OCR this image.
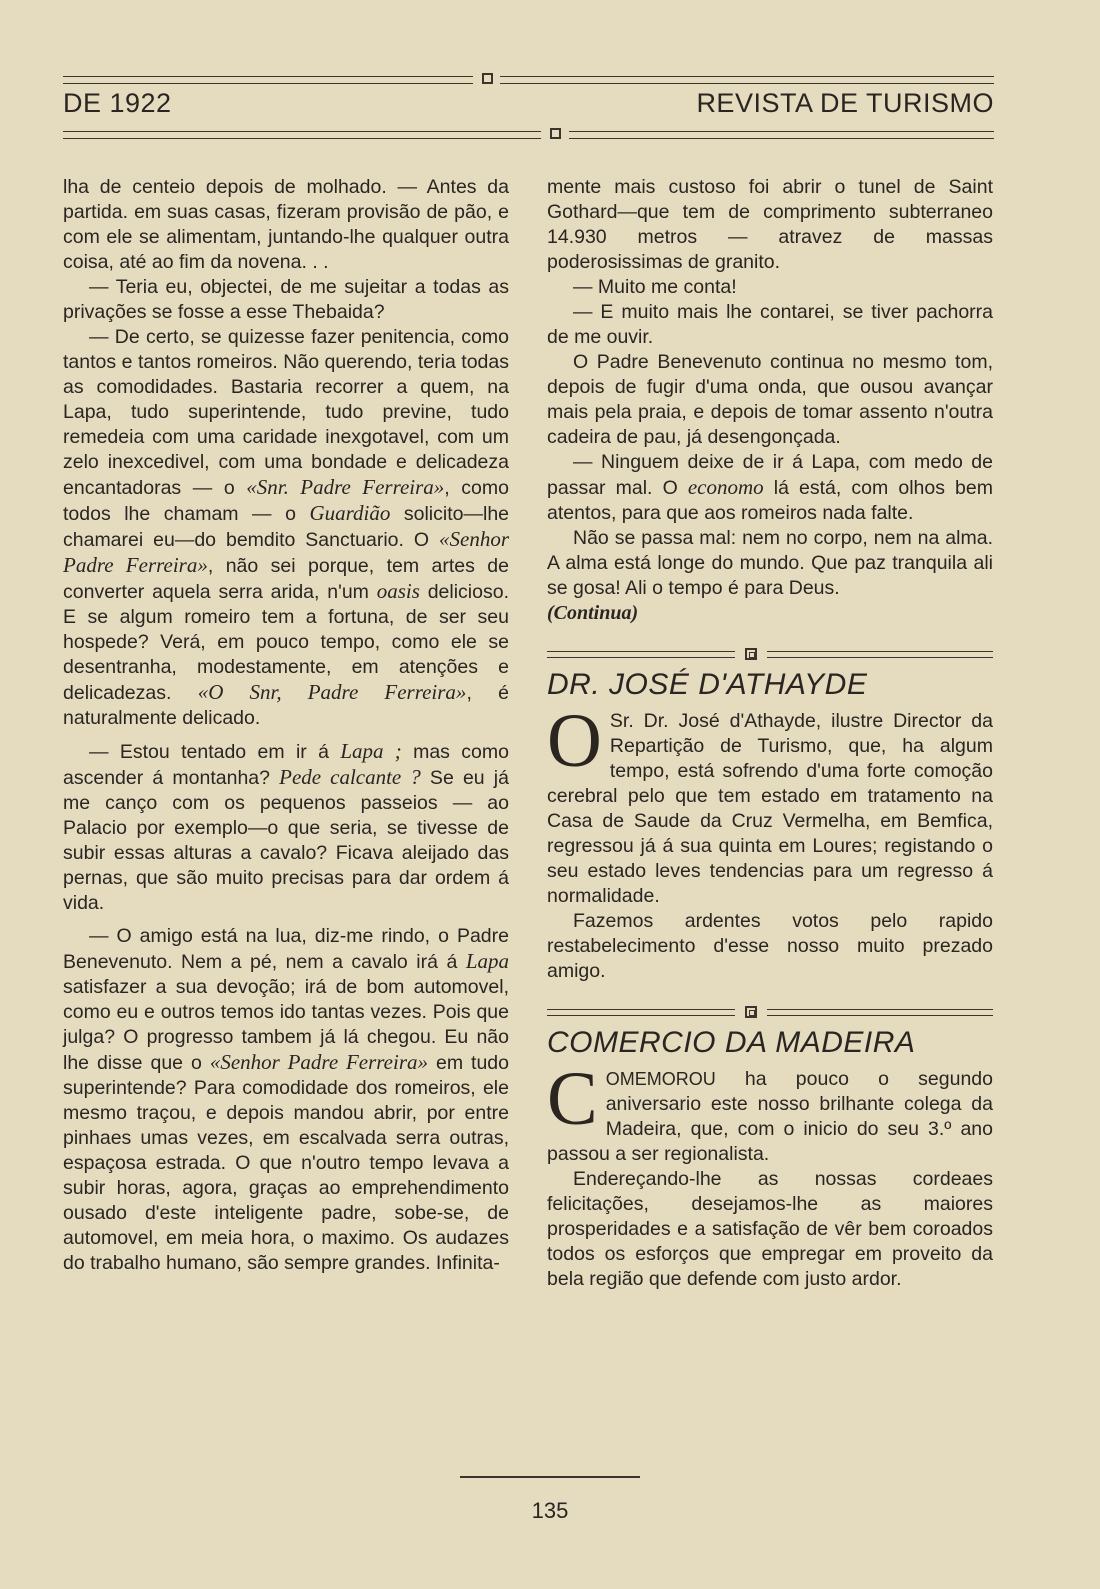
DE 1922	REVISTA DE TURISMO

lha de centeio depois de molhado. — Antes da partida. em suas casas, fizeram provisão de pão, e com ele se alimentam, juntando-lhe qualquer outra coisa, até ao fim da novena. . .

— Teria eu, objectei, de me sujeitar a todas as privações se fosse a esse Thebaida?

— De certo, se quizesse fazer penitencia, como tantos e tantos romeiros. Não querendo, teria todas as comodidades. Bastaria recorrer a quem, na Lapa, tudo superintende, tudo previne, tudo remedeia com uma caridade inexgotavel, com um zelo inexcedivel, com uma bondade e delicadeza encantadoras — o «Snr. Padre Ferreira», como todos lhe chamam — o Guardião solicito—lhe chamarei eu—do bemdito Sanctuario. O «Senhor Padre Ferreira», não sei porque, tem artes de converter aquela serra arida, n'um oasis delicioso. E se algum romeiro tem a fortuna, de ser seu hospede? Verá, em pouco tempo, como ele se desentranha, modestamente, em atenções e delicadezas. «O Snr, Padre Ferreira», é naturalmente delicado.

— Estou tentado em ir á Lapa ; mas como ascender á montanha? Pede calcante ? Se eu já me canço com os pequenos passeios — ao Palacio por exemplo—o que seria, se tivesse de subir essas alturas a cavalo? Ficava aleijado das pernas, que são muito precisas para dar ordem á vida.

— O amigo está na lua, diz-me rindo, o Padre Benevenuto. Nem a pé, nem a cavalo irá á Lapa satisfazer a sua devoção; irá de bom automovel, como eu e outros temos ido tantas vezes. Pois que julga? O progresso tambem já lá chegou. Eu não lhe disse que o «Senhor Padre Ferreira» em tudo superintende? Para comodidade dos romeiros, ele mesmo traçou, e depois mandou abrir, por entre pinhaes umas vezes, em escalvada serra outras, espaçosa estrada. O que n'outro tempo levava a subir horas, agora, graças ao emprehendimento ousado d'este inteligente padre, sobe-se, de automovel, em meia hora, o maximo. Os audazes do trabalho humano, são sempre grandes. Infinita-

mente mais custoso foi abrir o tunel de Saint Gothard—que tem de comprimento subterraneo 14.930 metros — atravez de massas poderosissimas de granito.

— Muito me conta!

— E muito mais lhe contarei, se tiver pachorra de me ouvir.

O Padre Benevenuto continua no mesmo tom, depois de fugir d'uma onda, que ousou avançar mais pela praia, e depois de tomar assento n'outra cadeira de pau, já desengonçada.

— Ninguem deixe de ir á Lapa, com medo de passar mal. O economo lá está, com olhos bem atentos, para que aos romeiros nada falte.

Não se passa mal: nem no corpo, nem na alma. A alma está longe do mundo. Que paz tranquila ali se gosa! Ali o tempo é para Deus.

(Continua)

DR. JOSÉ D'ATHAYDE

O Sr. Dr. José d'Athayde, ilustre Director da Repartição de Turismo, que, ha algum tempo, está sofrendo d'uma forte comoção cerebral pelo que tem estado em tratamento na Casa de Saude da Cruz Vermelha, em Bemfica, regressou já á sua quinta em Loures; registando o seu estado leves tendencias para um regresso á normalidade.

Fazemos ardentes votos pelo rapido restabelecimento d'esse nosso muito prezado amigo.

COMERCIO DA MADEIRA

COMEMOROU ha pouco o segundo aniversario este nosso brilhante colega da Madeira, que, com o inicio do seu 3.º ano passou a ser regionalista.

Endereçando-lhe as nossas cordeaes felicitações, desejamos-lhe as maiores prosperidades e a satisfação de vêr bem coroados todos os esforços que empregar em proveito da bela região que defende com justo ardor.

135
